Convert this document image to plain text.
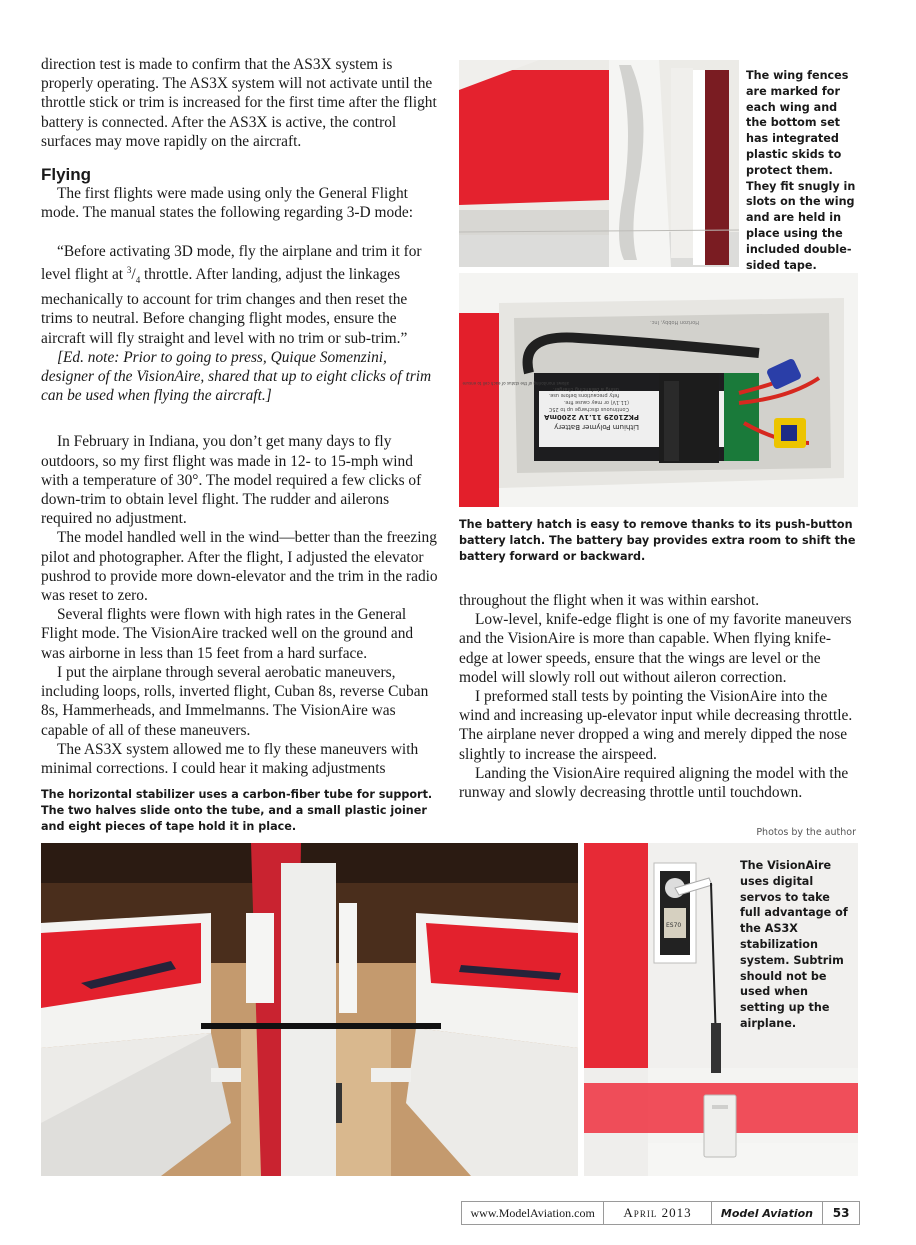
direction test is made to confirm that the AS3X system is properly operating. The AS3X system will not activate until the throttle stick or trim is increased for the first time after the flight battery is connected. After the AS3X is active, the control surfaces may move rapidly on the aircraft.

Flying

The first flights were made using only the General Flight mode. The manual states the following regarding 3-D mode:

“Before activating 3D mode, fly the airplane and trim it for level flight at $^3/_4$ throttle. After landing, adjust the linkages mechanically to account for trim changes and then reset the trims to neutral. Before changing flight modes, ensure the aircraft will fly straight and level with no trim or sub-trim.”

[Ed. note: Prior to going to press, Quique Somenzini, designer of the VisionAire, shared that up to eight clicks of trim can be used when flying the aircraft.]

In February in Indiana, you don’t get many days to fly outdoors, so my first flight was made in 12- to 15-mph wind with a temperature of 30°. The model required a few clicks of down-trim to obtain level flight. The rudder and ailerons required no adjustment.

The model handled well in the wind—better than the freezing pilot and photographer. After the flight, I adjusted the elevator pushrod to provide more down-elevator and the trim in the radio was reset to zero.

Several flights were flown with high rates in the General Flight mode. The VisionAire tracked well on the ground and was airborne in less than 15 feet from a hard surface.

I put the airplane through several aerobatic maneuvers, including loops, rolls, inverted flight, Cuban 8s, reverse Cuban 8s, Hammerheads, and Immelmanns. The VisionAire was capable of all of these maneuvers.

The AS3X system allowed me to fly these maneuvers with minimal corrections. I could hear it making adjustments

throughout the flight when it was within earshot.

Low-level, knife-edge flight is one of my favorite maneuvers and the VisionAire is more than capable. When flying knife-edge at lower speeds, ensure that the wings are level or the model will slowly roll out without aileron correction.

I preformed stall tests by pointing the VisionAire into the wind and increasing up-elevator input while decreasing throttle. The airplane never dropped a wing and merely dipped the nose slightly to increase the airspeed.

Landing the VisionAire required aligning the model with the runway and slowly decreasing throttle until touchdown.

The wing fences are marked for each wing and the bottom set has integrated plastic skids to protect them. They fit snugly in slots on the wing and are held in place using the included double-sided tape.
Lithium Polymer Battery
PKZ1029 11.1V 2200mA
Continuous discharge up to 25C
(11.1V) or may cause fire.
fety precautions before use.
using a balancing charger.
allows monitoring of the status of each cell to ensure
Horizon Hobby, Inc.
The battery hatch is easy to remove thanks to its push-button battery latch. The battery bay provides extra room to shift the battery forward or backward.
The horizontal stabilizer uses a carbon-fiber tube for support. The two halves slide onto the tube, and a small plastic joiner and eight pieces of tape hold it in place.	Photos by the author
ES70
The VisionAire uses digital servos to take full advantage of the AS3X stabilization system. Subtrim should not be used when setting up the airplane.
www.ModelAviation.com	April 2013	Model Aviation	53
